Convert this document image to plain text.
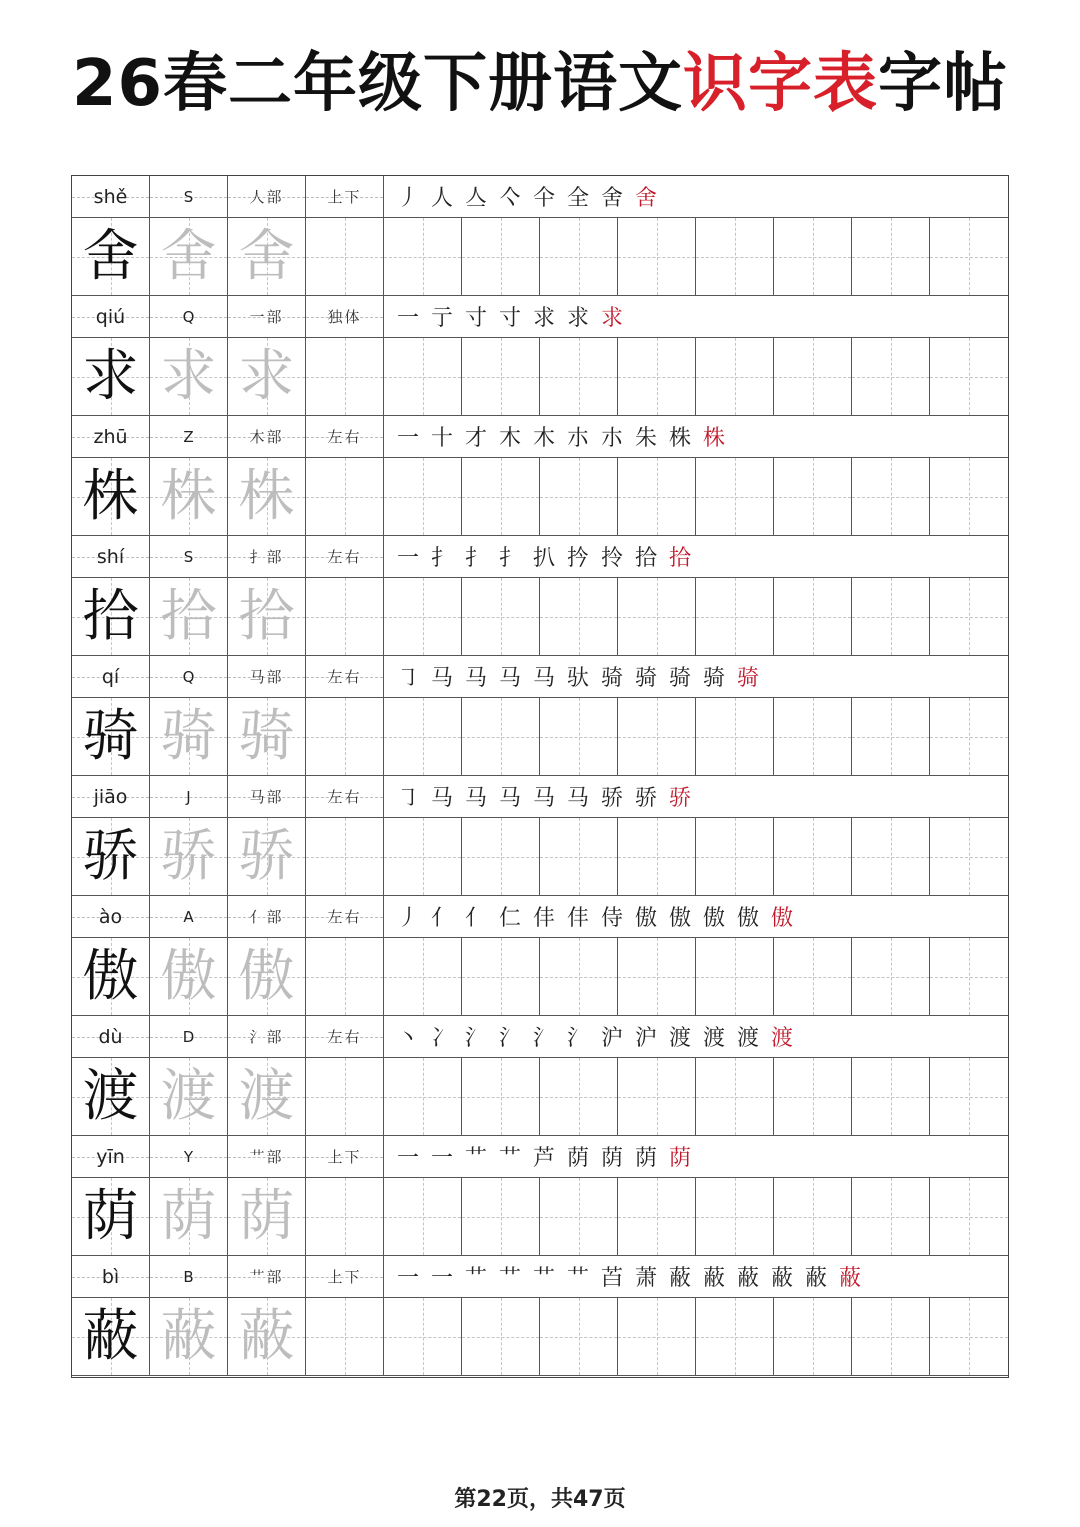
26春二年级下册语文识字表字帖
shě	S	人部	上下 丿 人 亼 亽 仐 全 舍 舍
舍 舍 舍
qiú	Q	一部	独体 一 亍 寸 寸 求 求 求
求 求 求
zhū	Z	木部	左右 一 十 才 木 木 朩 朩 朱 株 株
株 株 株
shí	S	扌部	左右 一 扌 扌 扌 扒 扲 拎 拾 拾
拾 拾 拾
qí	Q	马部	左右 ㇆ 马 马 马 马 驮 骑 骑 骑 骑 骑
骑 骑 骑
jiāo	J	马部	左右 ㇆ 马 马 马 马 马 骄 骄 骄
骄 骄 骄
ào	A	亻部	左右 丿 亻 亻 仁 仹 仹 侍 傲 傲 傲 傲 傲
傲 傲 傲
dù	D	氵部	左右 丶 冫 氵 氵 氵 氵 沪 沪 渡 渡 渡 渡
渡 渡 渡
yīn	Y	艹部	上下 一 一 艹 艹 芦 荫 荫 荫 荫
荫 荫 荫
bì	B	艹部	上下 一 一 艹 艹 艹 艹 苩 萧 蔽 蔽 蔽 蔽 蔽 蔽
蔽 蔽 蔽
第22页，共47页
